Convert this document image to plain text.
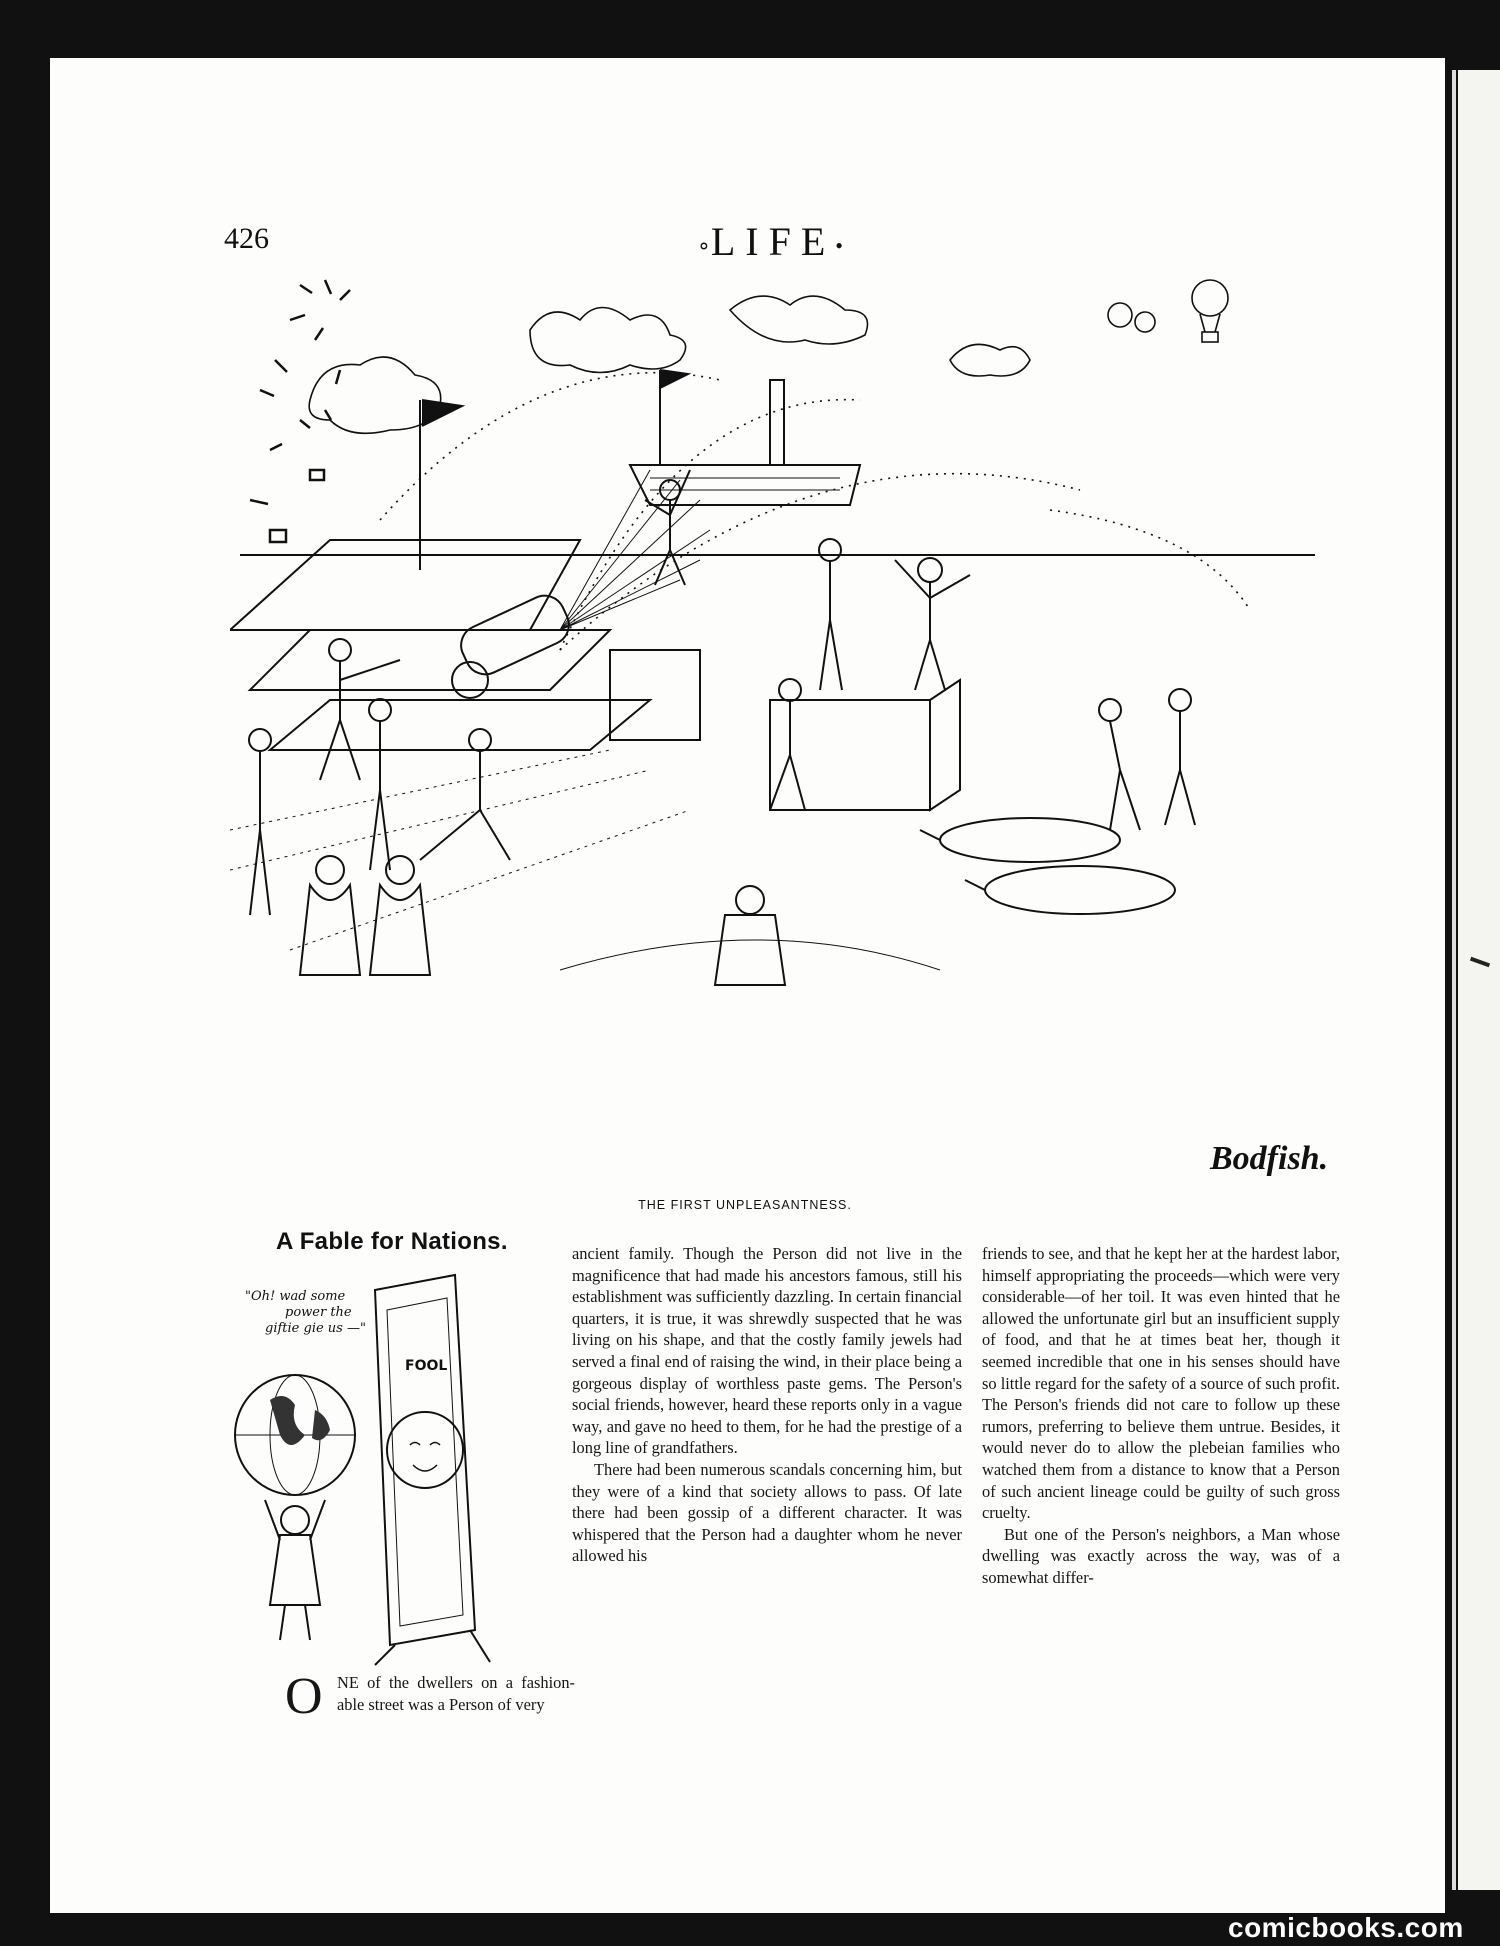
426	∘LIFE•
Bodfish.
THE FIRST UNPLEASANTNESS.
A Fable for Nations.
"Oh! wad some
power the
giftie gie us —"
FOOL
O NE of the dwellers on a fashion-able street was a Person of very

ancient family. Though the Person did not live in the magnificence that had made his ancestors famous, still his establishment was sufficiently dazzling. In certain financial quarters, it is true, it was shrewdly suspected that he was living on his shape, and that the costly family jewels had served a final end of raising the wind, in their place being a gorgeous display of worthless paste gems. The Person's social friends, however, heard these reports only in a vague way, and gave no heed to them, for he had the prestige of a long line of grandfathers.

There had been numerous scandals concerning him, but they were of a kind that society allows to pass. Of late there had been gossip of a different character. It was whispered that the Person had a daughter whom he never allowed his

friends to see, and that he kept her at the hardest labor, himself appropriating the proceeds—which were very considerable—of her toil. It was even hinted that he allowed the unfortunate girl but an insufficient supply of food, and that he at times beat her, though it seemed incredible that one in his senses should have so little regard for the safety of a source of such profit. The Person's friends did not care to follow up these rumors, preferring to believe them untrue. Besides, it would never do to allow the plebeian families who watched them from a distance to know that a Person of such ancient lineage could be guilty of such gross cruelty.

But one of the Person's neighbors, a Man whose dwelling was exactly across the way, was of a somewhat differ-

comicbooks.com
